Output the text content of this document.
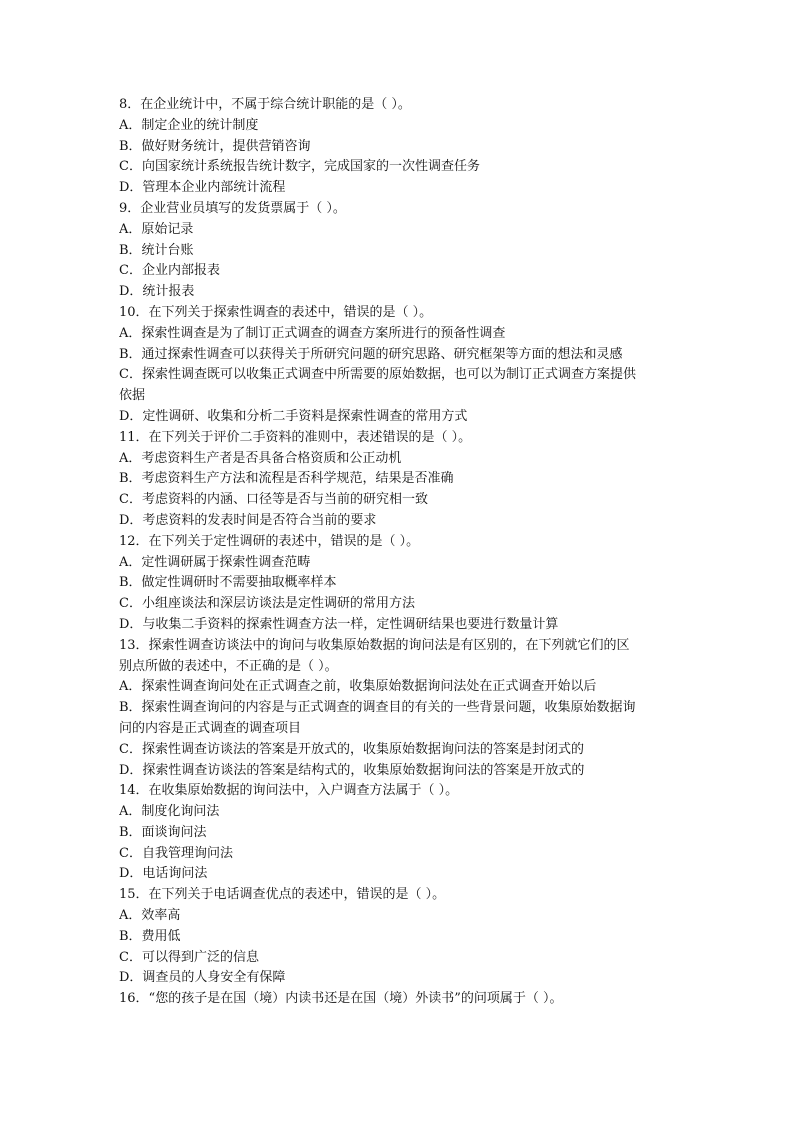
8．在企业统计中，不属于综合统计职能的是（ ）。
A．制定企业的统计制度
B．做好财务统计，提供营销咨询
C．向国家统计系统报告统计数字，完成国家的一次性调查任务
D．管理本企业内部统计流程
9．企业营业员填写的发货票属于（ ）。
A．原始记录
B．统计台账
C．企业内部报表
D．统计报表
10．在下列关于探索性调查的表述中，错误的是（ ）。
A．探索性调查是为了制订正式调查的调查方案所进行的预备性调查
B．通过探索性调查可以获得关于所研究问题的研究思路、研究框架等方面的想法和灵感
C．探索性调查既可以收集正式调查中所需要的原始数据，也可以为制订正式调查方案提供
依据
D．定性调研、收集和分析二手资料是探索性调查的常用方式
11．在下列关于评价二手资料的准则中，表述错误的是（ ）。
A．考虑资料生产者是否具备合格资质和公正动机
B．考虑资料生产方法和流程是否科学规范，结果是否准确
C．考虑资料的内涵、口径等是否与当前的研究相一致
D．考虑资料的发表时间是否符合当前的要求
12．在下列关于定性调研的表述中，错误的是（ ）。
A．定性调研属于探索性调查范畴
B．做定性调研时不需要抽取概率样本
C．小组座谈法和深层访谈法是定性调研的常用方法
D．与收集二手资料的探索性调查方法一样，定性调研结果也要进行数量计算
13．探索性调查访谈法中的询问与收集原始数据的询问法是有区别的，在下列就它们的区
别点所做的表述中，不正确的是（ ）。
A．探索性调查询问处在正式调查之前，收集原始数据询问法处在正式调查开始以后
B．探索性调查询问的内容是与正式调查的调查目的有关的一些背景问题，收集原始数据询
问的内容是正式调查的调查项目
C．探索性调查访谈法的答案是开放式的，收集原始数据询问法的答案是封闭式的
D．探索性调查访谈法的答案是结构式的，收集原始数据询问法的答案是开放式的
14．在收集原始数据的询问法中，入户调查方法属于（ ）。
A．制度化询问法
B．面谈询问法
C．自我管理询问法
D．电话询问法
15．在下列关于电话调查优点的表述中，错误的是（ ）。
A．效率高
B．费用低
C．可以得到广泛的信息
D．调查员的人身安全有保障
16．“您的孩子是在国（境）内读书还是在国（境）外读书”的问项属于（ ）。
